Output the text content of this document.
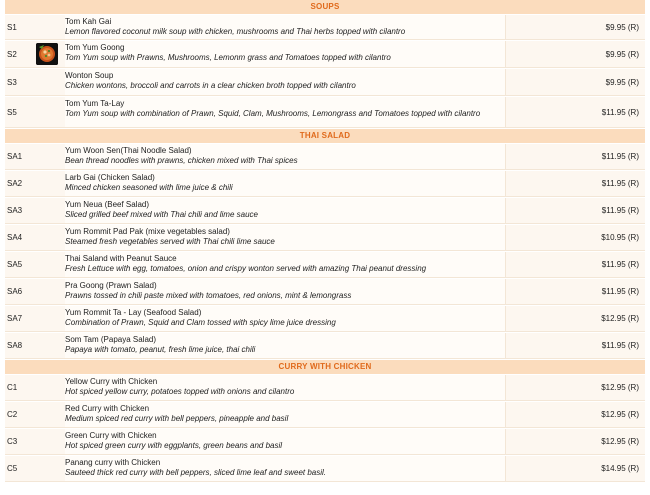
SOUPS
S1
Tom Kah Gai
Lemon flavored coconut milk soup with chicken, mushrooms and Thai herbs topped with cilantro	$9.95 (R)
S2
Tom Yum Goong
Tom Yum soup with Prawns, Mushrooms, Lemonm grass and Tomatoes topped with cilantro	$9.95 (R)
S3
Wonton Soup
Chicken wontons, broccoli and carrots in a clear chicken broth topped with cilantro	$9.95 (R)
S5
Tom Yum Ta-Lay
Tom Yum soup with combination of Prawn, Squid, Clam, Mushrooms, Lemongrass and Tomatoes topped with cilantro	$11.95 (R)
THAI SALAD
SA1
Yum Woon Sen(Thai Noodle Salad)
Bean thread noodles with prawns, chicken mixed with Thai spices	$11.95 (R)
SA2
Larb Gai (Chicken Salad)
Minced chicken seasoned with lime juice & chili	$11.95 (R)
SA3
Yum Neua (Beef Salad)
Sliced grilled beef mixed with Thai chili and lime sauce	$11.95 (R)
SA4
Yum Rommit Pad Pak (mixe vegetables salad)
Steamed fresh vegetables served with Thai chili lime sauce	$10.95 (R)
SA5
Thai Saland with Peanut Sauce
Fresh Lettuce with egg, tomatoes, onion and crispy wonton served with amazing Thai peanut dressing	$11.95 (R)
SA6
Pra Goong (Prawn Salad)
Prawns tossed in chili paste mixed with tomatoes, red onions, mint & lemongrass	$11.95 (R)
SA7
Yum Rommit Ta - Lay (Seafood Salad)
Combination of Prawn, Squid and Clam tossed with spicy lime juice dressing	$12.95 (R)
SA8
Som Tam (Papaya Salad)
Papaya with tomato, peanut, fresh lime juice, thai chili	$11.95 (R)
CURRY WITH CHICKEN
C1
Yellow Curry with Chicken
Hot spiced yellow curry, potatoes topped with onions and cilantro	$12.95 (R)
C2
Red Curry with Chicken
Medium spiced red curry with bell peppers, pineapple and basil	$12.95 (R)
C3
Green Curry with Chicken
Hot spiced green curry with eggplants, green beans and basil	$12.95 (R)
C5
Panang curry with Chicken
Sauteed thick red curry with bell peppers, sliced lime leaf and sweet basil.	$14.95 (R)
